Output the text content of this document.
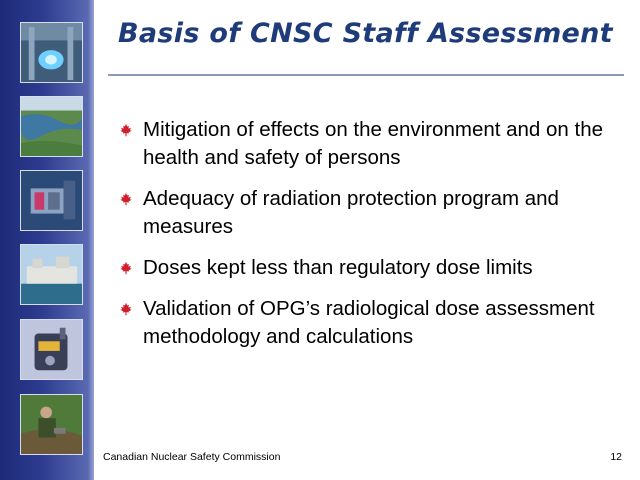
Basis of CNSC Staff Assessment
Mitigation of effects on the environment and on the health and safety of persons
Adequacy of radiation protection program and measures
Doses kept less than regulatory dose limits
Validation of OPG’s radiological dose assessment methodology and calculations
Canadian Nuclear Safety Commission	12
